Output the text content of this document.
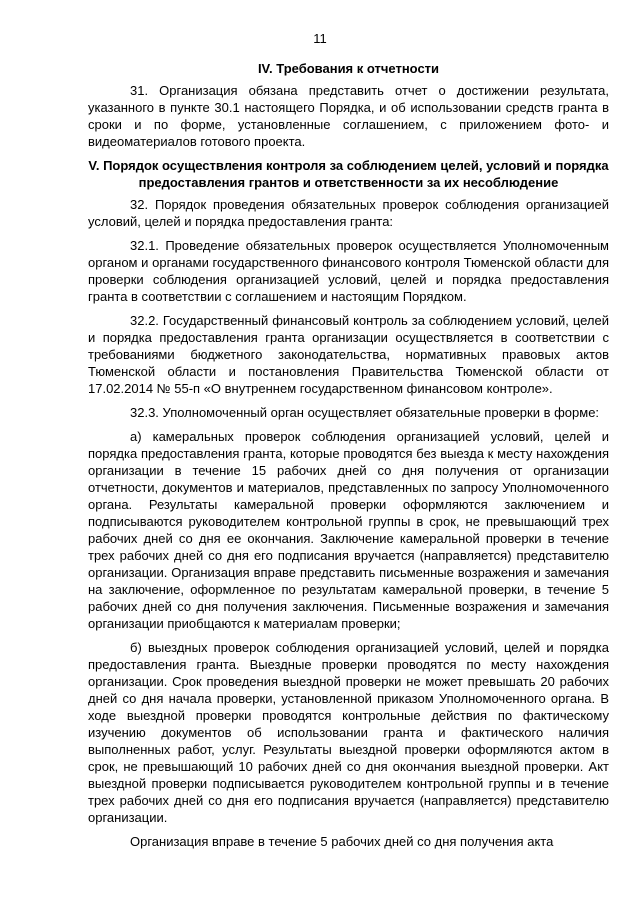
11
IV. Требования к отчетности

31. Организация обязана представить отчет о достижении результата, указанного в пункте 30.1 настоящего Порядка, и об использовании средств гранта в сроки и по форме, установленные соглашением, с приложением фото- и видеоматериалов готового проекта.

V. Порядок осуществления контроля за соблюдением целей, условий и порядка предоставления грантов и ответственности за их несоблюдение

32. Порядок проведения обязательных проверок соблюдения организацией условий, целей и порядка предоставления гранта:

32.1. Проведение обязательных проверок осуществляется Уполномоченным органом и органами государственного финансового контроля Тюменской области для проверки соблюдения организацией условий, целей и порядка предоставления гранта в соответствии с соглашением и настоящим Порядком.

32.2. Государственный финансовый контроль за соблюдением условий, целей и порядка предоставления гранта организации осуществляется в соответствии с требованиями бюджетного законодательства, нормативных правовых актов Тюменской области и постановления Правительства Тюменской области от 17.02.2014 № 55-п «О внутреннем государственном финансовом контроле».

32.3. Уполномоченный орган осуществляет обязательные проверки в форме:

а) камеральных проверок соблюдения организацией условий, целей и порядка предоставления гранта, которые проводятся без выезда к месту нахождения организации в течение 15 рабочих дней со дня получения от организации отчетности, документов и материалов, представленных по запросу Уполномоченного органа. Результаты камеральной проверки оформляются заключением и подписываются руководителем контрольной группы в срок, не превышающий трех рабочих дней со дня ее окончания. Заключение камеральной проверки в течение трех рабочих дней со дня его подписания вручается (направляется) представителю организации. Организация вправе представить письменные возражения и замечания на заключение, оформленное по результатам камеральной проверки, в течение 5 рабочих дней со дня получения заключения. Письменные возражения и замечания организации приобщаются к материалам проверки;

б) выездных проверок соблюдения организацией условий, целей и порядка предоставления гранта. Выездные проверки проводятся по месту нахождения организации. Срок проведения выездной проверки не может превышать 20 рабочих дней со дня начала проверки, установленной приказом Уполномоченного органа. В ходе выездной проверки проводятся контрольные действия по фактическому изучению документов об использовании гранта и фактического наличия выполненных работ, услуг. Результаты выездной проверки оформляются актом в срок, не превышающий 10 рабочих дней со дня окончания выездной проверки. Акт выездной проверки подписывается руководителем контрольной группы и в течение трех рабочих дней со дня его подписания вручается (направляется) представителю организации.

Организация вправе в течение 5 рабочих дней со дня получения акта
